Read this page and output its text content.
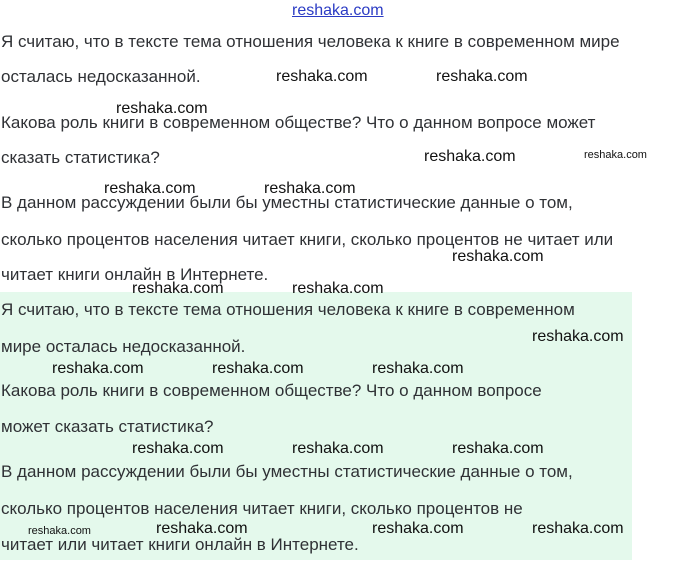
reshaka.com
Я считаю, что в тексте тема отношения человека к книге в современном мире
осталась недосказанной.
Какова роль книги в современном обществе? Что о данном вопросе может
сказать статистика?
В данном рассуждении были бы уместны статистические данные о том,
сколько процентов населения читает книги, сколько процентов не читает или
читает книги онлайн в Интернете.
Я считаю, что в тексте тема отношения человека к книге в современном
мире осталась недосказанной.
Какова роль книги в современном обществе? Что о данном вопросе
может сказать статистика?
В данном рассуждении были бы уместны статистические данные о том,
сколько процентов населения читает книги, сколько процентов не
читает или читает книги онлайн в Интернете.
reshaka.com	reshaka.com
reshaka.com
reshaka.com	reshaka.com
reshaka.com	reshaka.com
reshaka.com
reshaka.com	reshaka.com
reshaka.com
reshaka.com	reshaka.com	reshaka.com
reshaka.com	reshaka.com	reshaka.com
reshaka.com	reshaka.com	reshaka.com	reshaka.com
